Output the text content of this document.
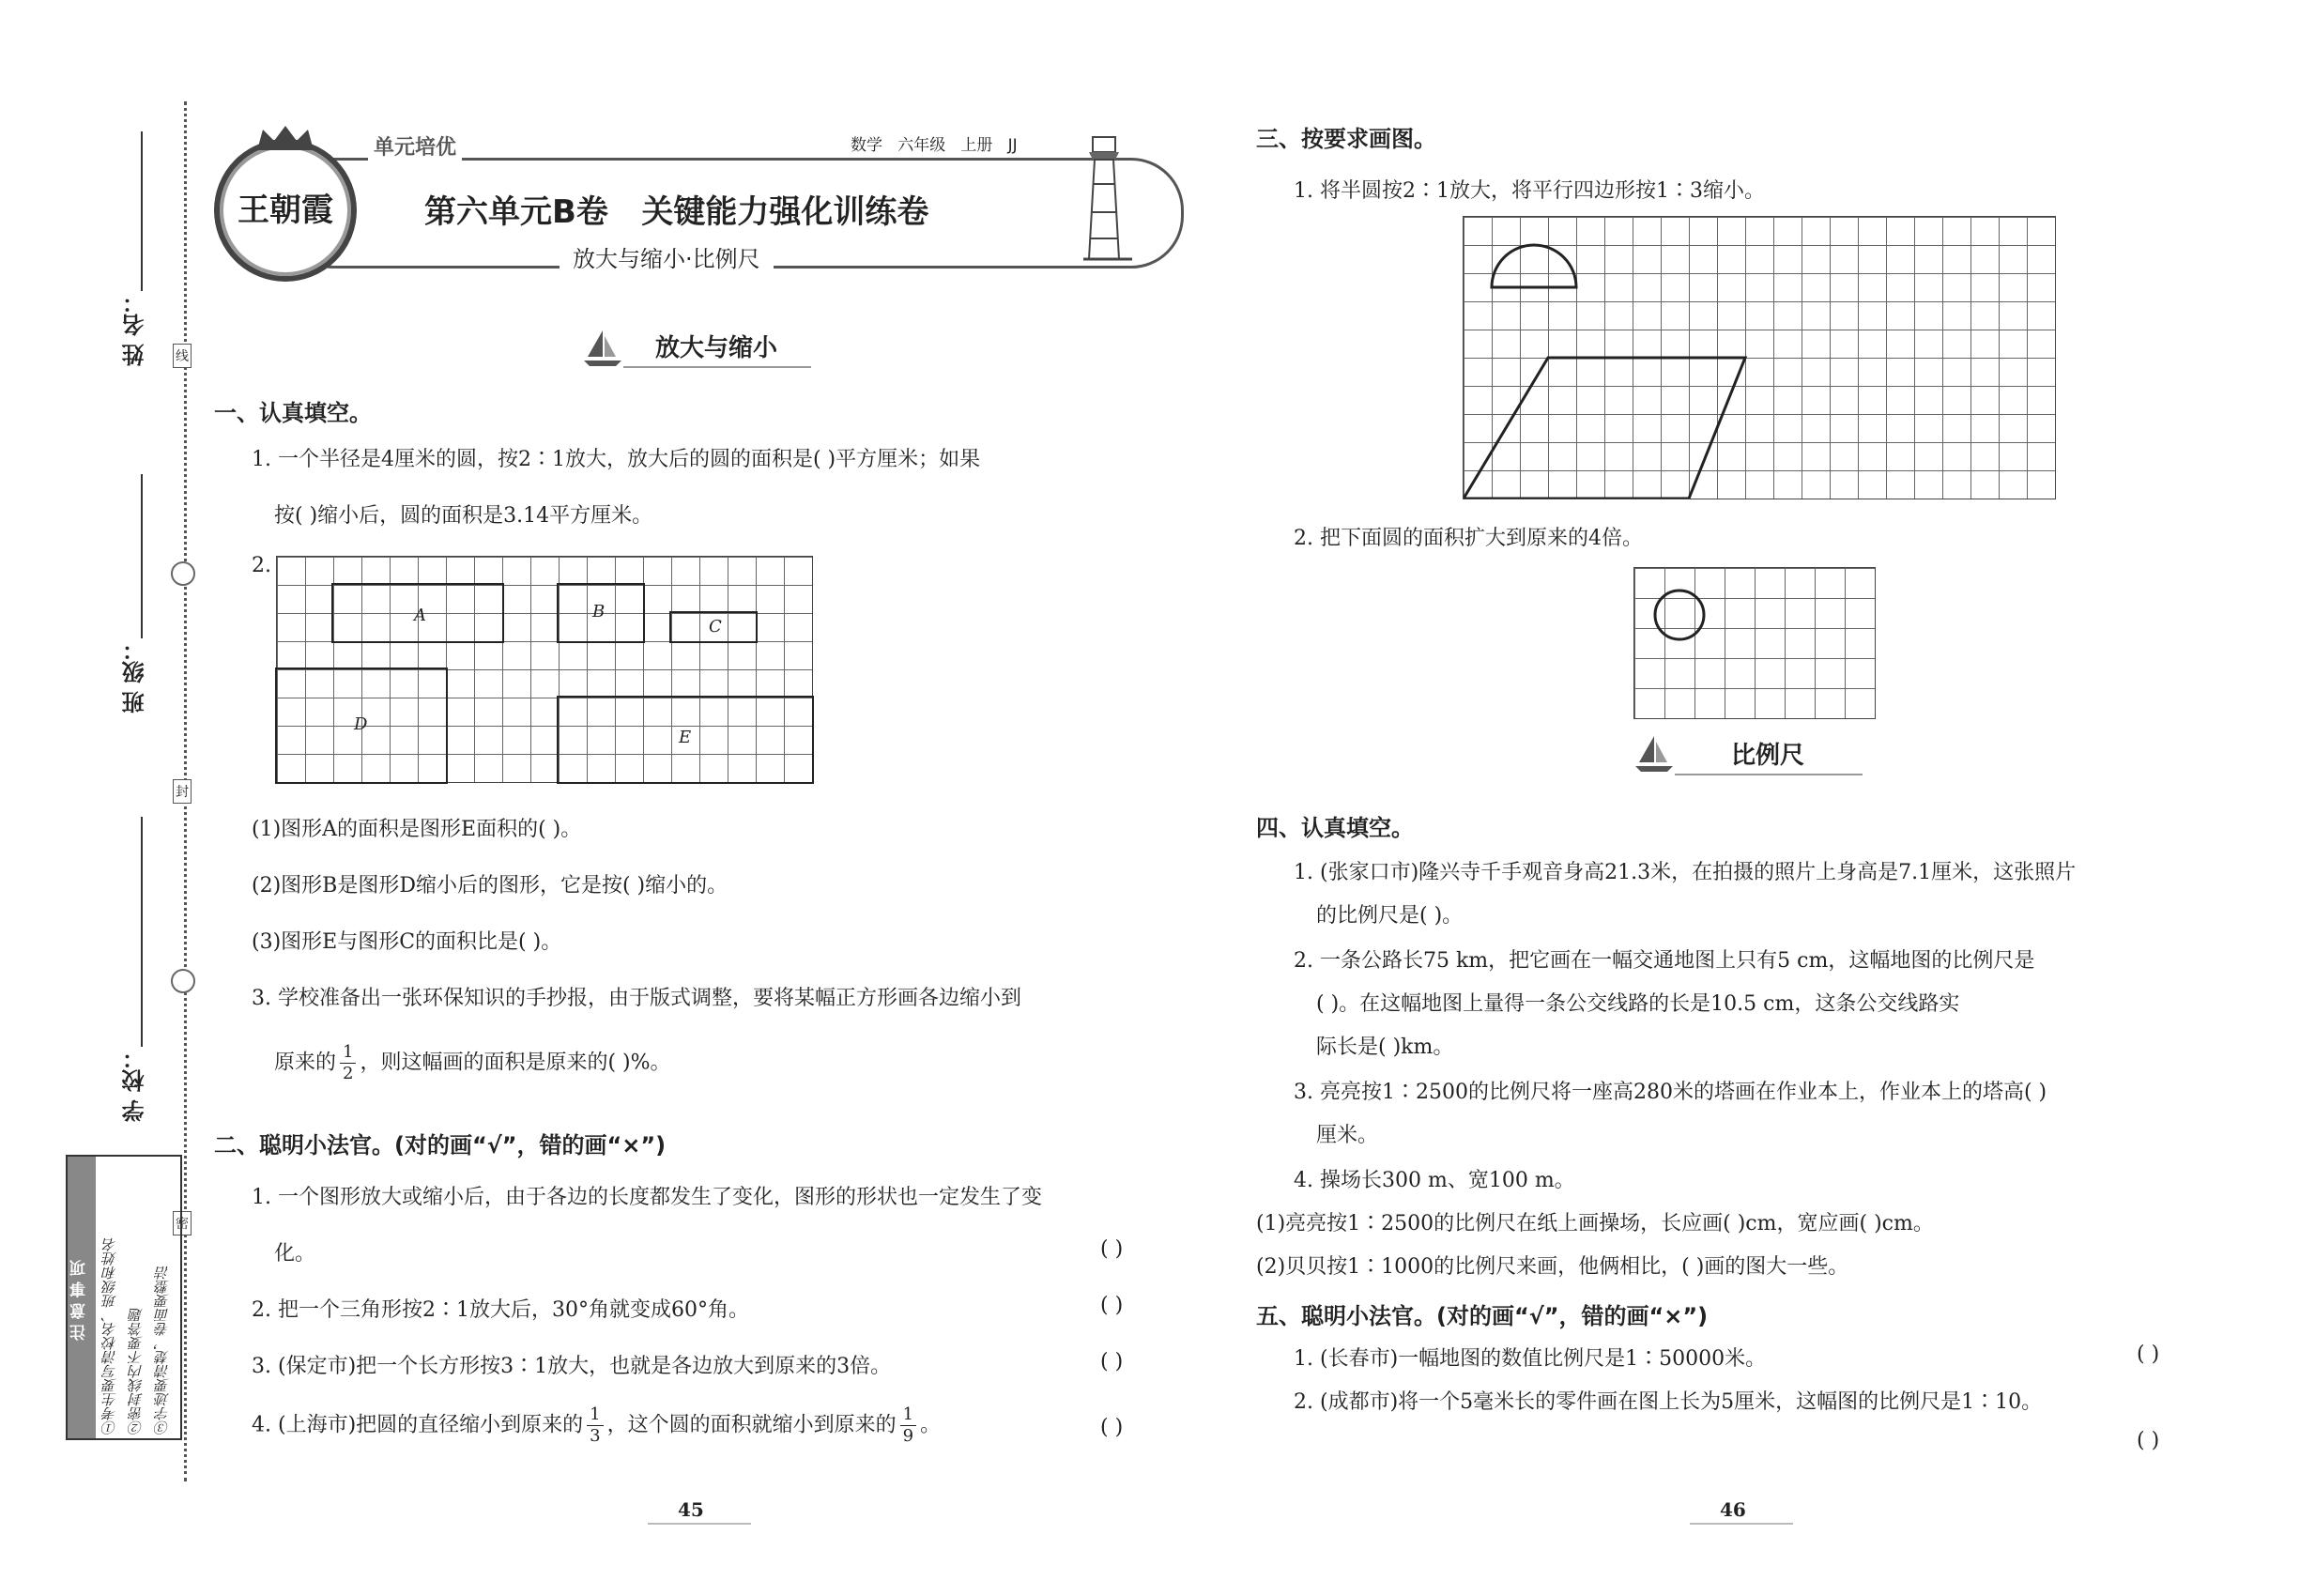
线
封
密
姓 名：
班 级：
学 校：
注意事项 ①考生要写清校名、班级和姓名 ②密封线内不要答题 ③字迹要清楚，卷面要整洁
王朝霞
单元培优	数学   六年级   上册   JJ
第六单元B卷   关键能力强化训练卷
放大与缩小·比例尺
放大与缩小
一、认真填空。
1. 一个半径是4厘米的圆，按2∶1放大，放大后的圆的面积是( )平方厘米；如果
按( )缩小后，圆的面积是3.14平方厘米。
2.
A	B
C
D
E
(1)图形A的面积是图形E面积的( )。
(2)图形B是图形D缩小后的图形，它是按( )缩小的。
(3)图形E与图形C的面积比是( )。
3. 学校准备出一张环保知识的手抄报，由于版式调整，要将某幅正方形画各边缩小到
原来的 $\frac{1}{2}$ ，则这幅画的面积是原来的( )%。
二、聪明小法官。(对的画“√”，错的画“×”)
1. 一个图形放大或缩小后，由于各边的长度都发生了变化，图形的形状也一定发生了变
化。	( )
2. 把一个三角形按2∶1放大后，30°角就变成60°角。	( )
3. (保定市)把一个长方形按3∶1放大，也就是各边放大到原来的3倍。	( )
4. (上海市)把圆的直径缩小到原来的 $\frac{1}{3}$ ，这个圆的面积就缩小到原来的 $\frac{1}{9}$ 。	( )
45
三、按要求画图。
1. 将半圆按2∶1放大，将平行四边形按1∶3缩小。
2. 把下面圆的面积扩大到原来的4倍。
比例尺
四、认真填空。
1. (张家口市)隆兴寺千手观音身高21.3米，在拍摄的照片上身高是7.1厘米，这张照片
的比例尺是( )。
2. 一条公路长75 km，把它画在一幅交通地图上只有5 cm，这幅地图的比例尺是
( )。在这幅地图上量得一条公交线路的长是10.5 cm，这条公交线路实
际长是( )km。
3. 亮亮按1∶2500的比例尺将一座高280米的塔画在作业本上，作业本上的塔高( )
厘米。
4. 操场长300 m、宽100 m。
(1)亮亮按1∶2500的比例尺在纸上画操场，长应画( )cm，宽应画( )cm。
(2)贝贝按1∶1000的比例尺来画，他俩相比，( )画的图大一些。
五、聪明小法官。(对的画“√”，错的画“×”)
1. (长春市)一幅地图的数值比例尺是1∶50000米。	( )
2. (成都市)将一个5毫米长的零件画在图上长为5厘米，这幅图的比例尺是1∶10。
( )
46
